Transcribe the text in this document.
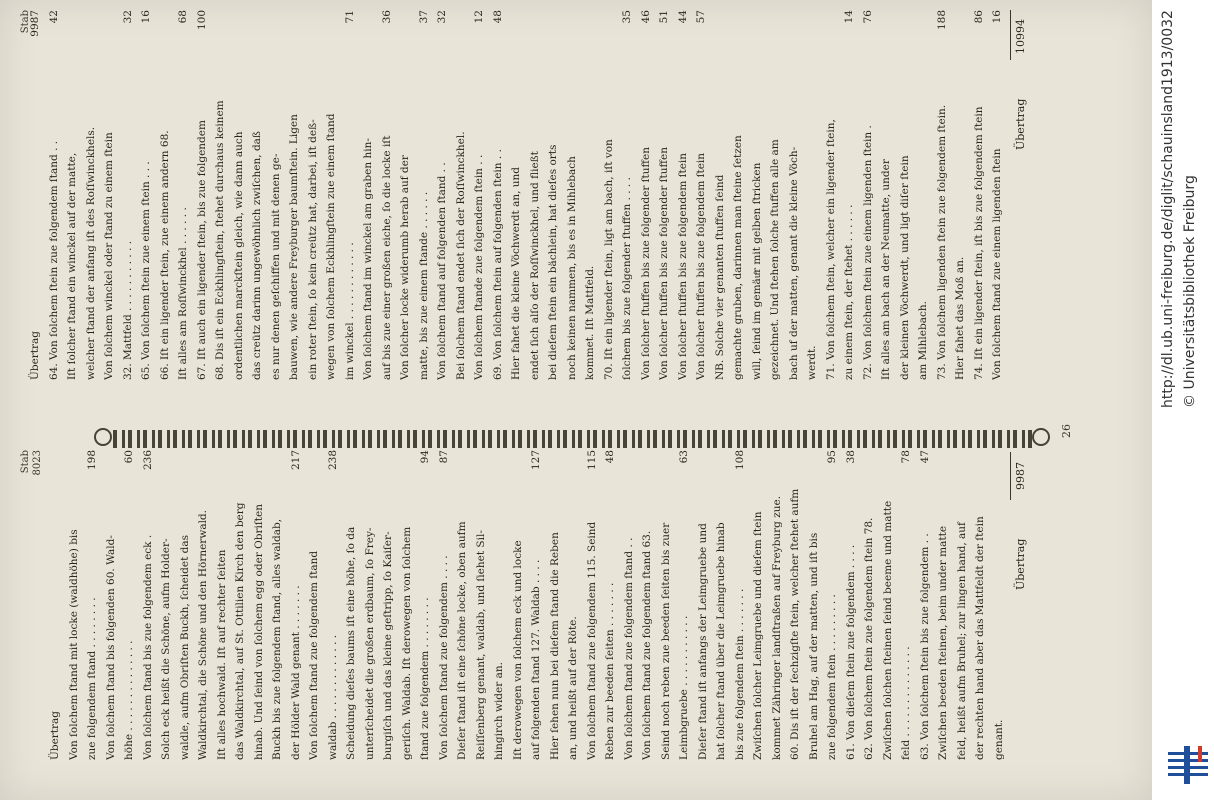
Stab 8023
Übertrag Von ſolchem ſtand mit locke (waldhöhe) bis zue folgendem ſtand . . . . . . . .
198
Von ſolchem ſtand bis folgenden 60. Wald- höhe . . . . . . . . . . . . . .
60
Von ſolchem ſtand bis zue folgendem eck .
236
Solch eck heißt die Schöne, aufm Holder- waldle, aufm Obriſten Buckh, ſcheidet das Waldkirchtal, die Schöne und den Hörnerwald. Iſt alles hochwald. Iſt auf rechter ſeiten das Waldkirchtal, auf St. Ottilien Kirch den berg hinab. Und ſeind von ſolchem egg oder Obriſten Buckh bis zue folgendem ſtand, alles waldab, der Hölder Wald genant . . . . . . .
217
Von ſolchem ſtand zue folgendem ſtand waldab . . . . . . . . . . . . .
238
Scheidung dieſes baums iſt eine höhe, ſo da unterſcheidet die großen erdbaum, ſo Frey- burgiſch und das kleine geſtripp, ſo Kaiſer- geriſch. Waldab. Iſt derowegen von ſolchem ſtand zue folgendem . . . . . . . .
94
Von ſolchem ſtand zue folgendem . . . .
87
Dieſer ſtand iſt eine ſchöne locke, oben aufm Reiſſenberg genant, waldab, und ſiehet Sil- hingirch wider an. Iſt derowegen von ſolchem eck und locke auf folgenden ſtand 127. Waldab . . . .
127
Hier ſehen nun bei dieſem ſtand die Reben an, und heißt auf der Röte. Von ſolchem ſtand zue folgendem 115. Seind
115
Reben zur beeden ſeiten . . . . . . .
48
Von ſolchem ſtand zue folgendem ſtand . . Von ſolchem ſtand zue folgendem ſtand 63. Seind noch reben zue beeden ſeiten bis zuer Leimbgruebe . . . . . . . . . . .
63
Dieſer ſtand iſt anfangs der Leimgruebe und hat ſolcher ſtand über die Leimgruebe hinab bis zue folgendem ſtein . . . . . . .
108
Zwiſchen ſolcher Leimgruebe und dieſem ſtein kommet Zähringer landſtraßen auf Freyburg zue. 60. Dis iſt der ſechzigſte ſtein, welcher ſtehet aufm Bruhel am Hag, auf der matten, und iſt bis zue folgendem ſtein . . . . . . . . .
95
61. Von dieſem ſtein zue folgendem . . . .
38
62. Von ſolchem ſtein zue folgendem ſtein 78. Zwiſchen ſolchen ſteinen ſeind beeme und matte feld . . . . . . . . . . . . . .
78
63. Von ſolchem ſtein bis zue folgendem . .
47
Zwiſchen beeden ſteinen, beim under matte feld, heißt aufm Bruhel; zur lingen hand, auf der rechten hand aber das Mattfeldt der ſtein genant.
Übertrag
9987
26
Stab
Übertrag
9987
64. Von ſolchem ſtein zue folgendem ſtand . .
42
Iſt ſolcher ſtand ein winckel auf der matte, welcher ſtand der anfang iſt des Roſſwinckhels. Von ſolchem winckel oder ſtand zu einem ſtein 32. Mattfeld . . . . . . . . . . .
32
65. Von ſolchem ſtein zue einem ſtein . . .
16
66. Iſt ein ligender ſtein, zue einem andern 68. Iſt alles am Roſſwinckhel . . . . . .
68
67. Iſt auch ein ligender ſtein, bis zue folgendem
100
68. Dis iſt ein Eckhlingſtein, ſtehet durchaus keinem ordentlichen marckſtein gleich, wie dann auch das creütz darinn ungewöhnlich zwiſchen, daß es nur denen geſchiffen und mit denen ge- bauwen, wie andere Freyburger baumſtein. Ligen ein roter ſtein, ſo kein creütz hat, darbei, iſt deß- wegen von ſolchem Eckhlingſtein zue einem ſtand im winckel . . . . . . . . . . . .
71
Von ſolchem ſtand im winckel am graben hin- auf bis zue einer großen eiche, ſo die locke iſt
36
Von ſolcher locke widerumb herab auf der matte, bis zue einem ſtande . . . . . .
37
Von ſolchem ſtand auf folgenden ſtand . .
32
Bei ſolchem ſtand endet ſich der Roſſwinckhel. Von ſolchem ſtande zue folgendem ſtein . .
12
69. Von ſolchem ſtein auf folgenden ſtein . .
48
Hier fahet die kleine Vöchwerdt an, und endet ſich alſo der Roſſwinckhel, und fließt bei dieſem ſtein ein bächlein, hat dieſes orts noch keinen nammen, bis es in Mihlebach kommet. Iſt Mattfeld. 70. Iſt ein ligender ſtein, ligt am bach, iſt von ſolchem bis zue folgender ſtuffen . . . .
35
Von ſolcher ſtuffen bis zue folgender ſtuffen
46
Von ſolcher ſtuffen bis zue folgender ſtuffen
51
Von ſolcher ſtuffen bis zue folgendem ſtein
44
Von ſolcher ſtuffen bis zue folgendem ſtein
57
NB. Solche vier genanten ſtuffen ſeind gemachte gruben, darinnen man ſteine ſetzen will, ſeind im gemäuͤr mit gelben ſtricken gezeichnet. Und ſtehen ſolche ſtuffen alle am bach uf der matten, genant die kleine Vöch- werdt. 71. Von ſolchem ſtein, welcher ein ligender ſtein, zu einem ſtein, der ſtehet . . . . . .
14
72. Von ſolchem ſtein zue einem ligenden ſtein .
76
Iſt alles am bach an der Neumatte, under der kleinen Vöchwerdt, und ligt diſer ſtein am Mihlebach. 73. Von ſolchem ligenden ſtein zue folgendem ſtein.
188
Hier fahet das Moß an. 74. Iſt ein ligender ſtein, iſt bis zue folgendem ſtein
86
Von ſolchem ſtand zue einem ligenden ſtein
16
Übertrag
10994	http://dl.ub.uni-freiburg.de/diglit/schauinsland1913/0032 © Universitätsbibliothek Freiburg
